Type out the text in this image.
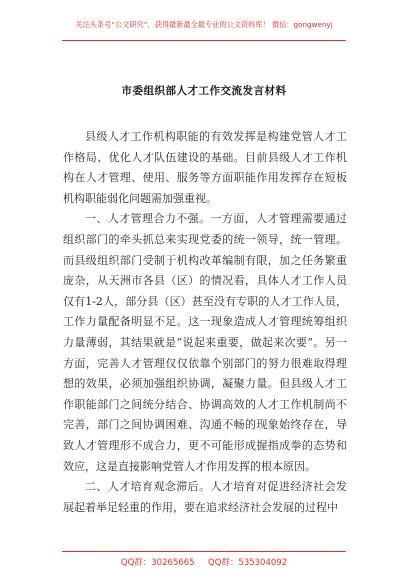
关注头条号“公文研究”，获得最新最全最专业的公文资料库！ 微信：gongwenyj
市委组织部人才工作交流发言材料

县级人才工作机构职能的有效发挥是构建党管人才工作格局、优化人才队伍建设的基础。目前县级人才工作机构在人才管理、使用、服务等方面职能作用发挥存在短板机构职能弱化问题需加强重视。

一、人才管理合力不强。一方面，人才管理需要通过组织部门的牵头抓总来实现党委的统一领导，统一管理。而县级组织部门受制于机构改革编制有限，加之任务繁重庞杂，从天洲市各县（区）的情况看，具体人才工作人员仅有1-2人，部分县（区）甚至没有专职的人才工作人员，工作力量配备明显不足。这一现象造成人才管理统筹组织力量薄弱，其结果就是“说起来重要，做起来次要”。另一方面，完善人才管理仅仅依靠个别部门的努力很难取得理想的效果，必须加强组织协调，凝聚力量。但县级人才工作职能部门之间统分结合、协调高效的人才工作机制尚不完善，部门之间协调困难、沟通不畅的现象始终存在，导致人才管理形不成合力，更不可能形成握指成拳的态势和效应，这是直接影响党管人才作用发挥的根本原因。

二、人才培育观念滞后。人才培育对促进经济社会发展起着举足轻重的作用，要在追求经济社会发展的过程中

QQ群：30265665     QQ群：535304092
